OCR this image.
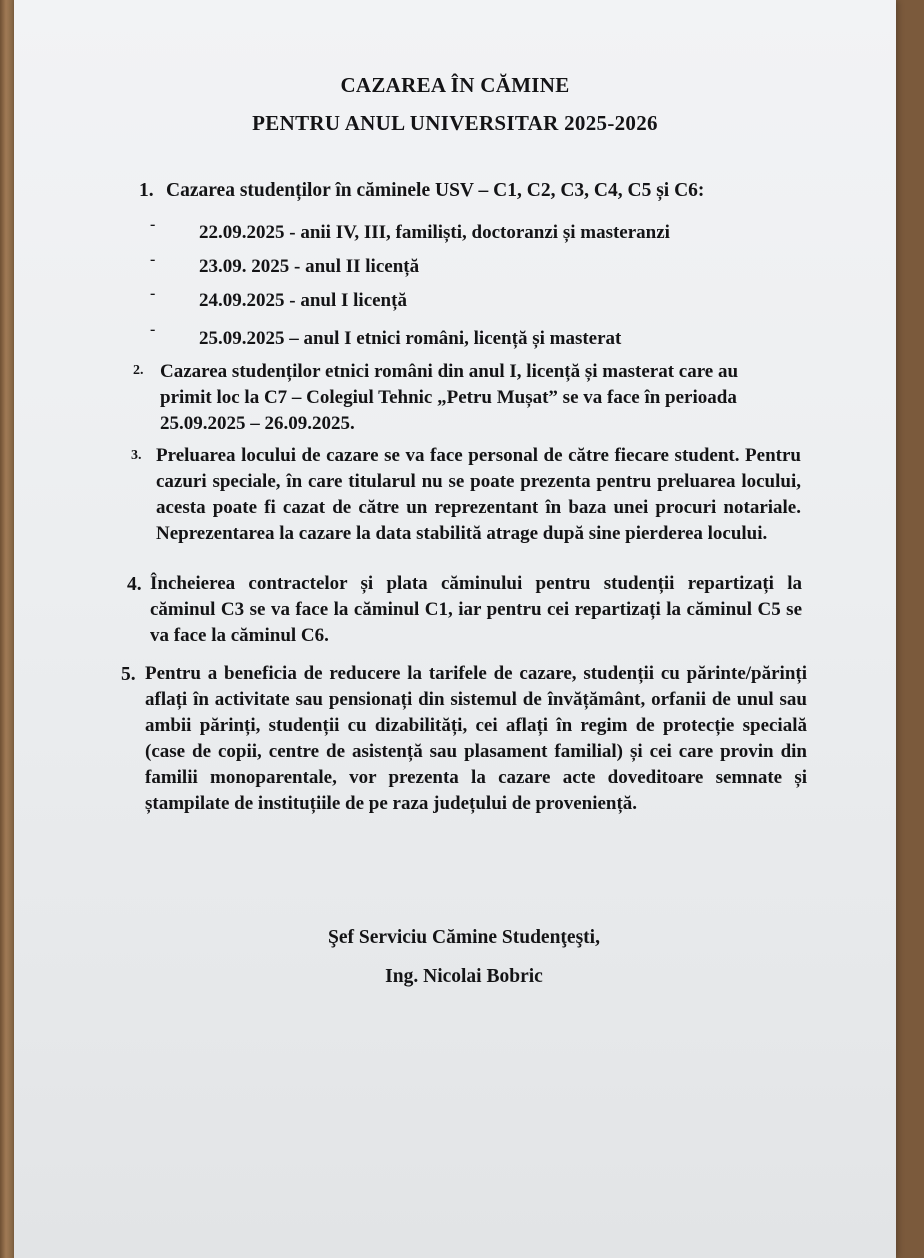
CAZAREA ÎN CĂMINE
PENTRU ANUL UNIVERSITAR 2025-2026
1. Cazarea studenților în căminele USV – C1, C2, C3, C4, C5 și C6:
- 22.09.2025 - anii IV, III, familiști, doctoranzi și masteranzi
- 23.09. 2025 - anul II licență
- 24.09.2025 - anul I licență
- 25.09.2025 – anul I etnici români, licență și masterat
2. Cazarea studenților etnici români din anul I, licență și masterat care au primit loc la C7 – Colegiul Tehnic „Petru Mușat” se va face în perioada 25.09.2025 – 26.09.2025.
3. Preluarea locului de cazare se va face personal de către fiecare student. Pentru cazuri speciale, în care titularul nu se poate prezenta pentru preluarea locului, acesta poate fi cazat de către un reprezentant în baza unei procuri notariale. Neprezentarea la cazare la data stabilită atrage după sine pierderea locului.
4. Încheierea contractelor și plata căminului pentru studenții repartizați la căminul C3 se va face la căminul C1, iar pentru cei repartizați la căminul C5 se va face la căminul C6.
5. Pentru a beneficia de reducere la tarifele de cazare, studenții cu părinte/părinți aflați în activitate sau pensionați din sistemul de învățământ, orfanii de unul sau ambii părinți, studenții cu dizabilități, cei aflați în regim de protecție specială (case de copii, centre de asistență sau plasament familial) și cei care provin din familii monoparentale, vor prezenta la cazare acte doveditoare semnate și ștampilate de instituțiile de pe raza județului de proveniență.
Şef Serviciu Cămine Studenţeşti,
Ing. Nicolai Bobric
